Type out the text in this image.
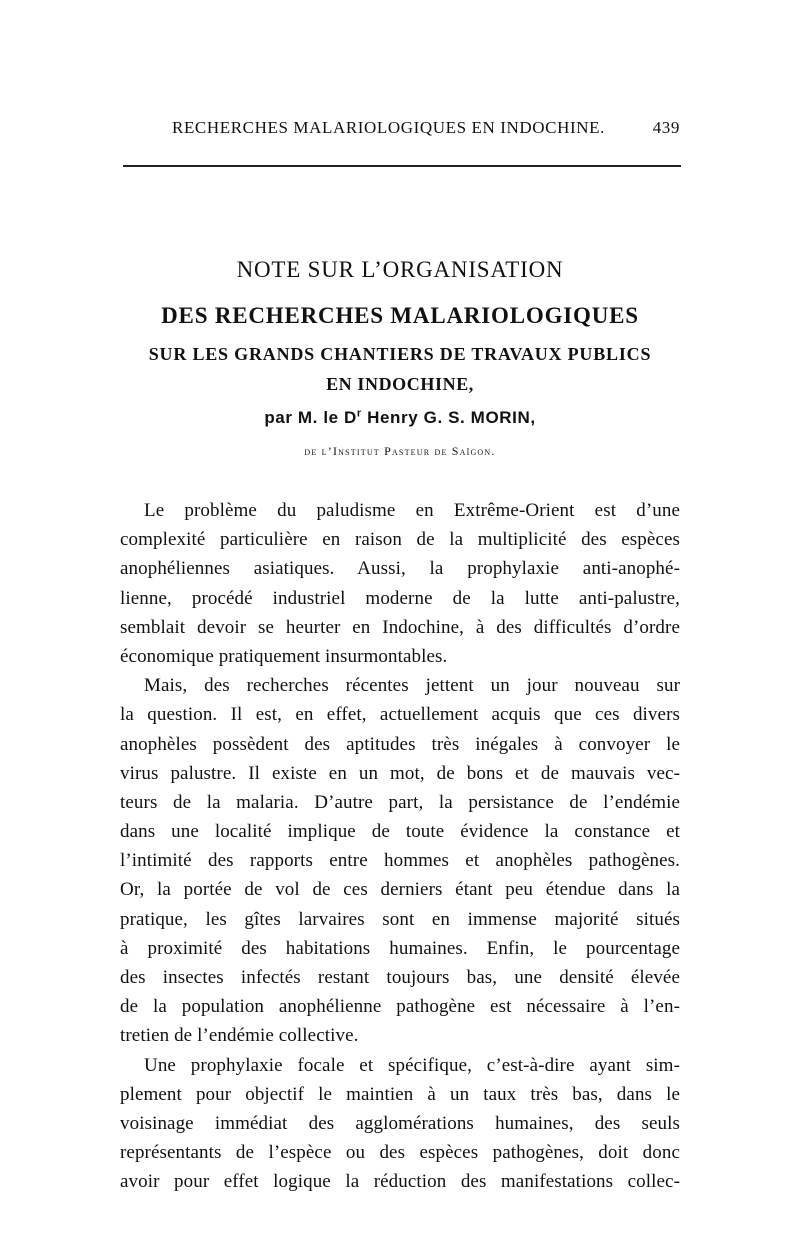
RECHERCHES MALARIOLOGIQUES EN INDOCHINE.	439
NOTE SUR L’ORGANISATION
DES RECHERCHES MALARIOLOGIQUES
SUR LES GRANDS CHANTIERS DE TRAVAUX PUBLICS
EN INDOCHINE,
par M. le $D^r$ Henry G. S. MORIN,
de l’Institut Pasteur de Saïgon.
Le problème du paludisme en Extrême-Orient est d’une
complexité particulière en raison de la multiplicité des espèces
anophéliennes asiatiques. Aussi, la prophylaxie anti-anophé-
lienne, procédé industriel moderne de la lutte anti-palustre,
semblait devoir se heurter en Indochine, à des difficultés d’ordre
économique pratiquement insurmontables.
Mais, des recherches récentes jettent un jour nouveau sur
la question. Il est, en effet, actuellement acquis que ces divers
anophèles possèdent des aptitudes très inégales à convoyer le
virus palustre. Il existe en un mot, de bons et de mauvais vec-
teurs de la malaria. D’autre part, la persistance de l’endémie
dans une localité implique de toute évidence la constance et
l’intimité des rapports entre hommes et anophèles pathogènes.
Or, la portée de vol de ces derniers étant peu étendue dans la
pratique, les gîtes larvaires sont en immense majorité situés
à proximité des habitations humaines. Enfin, le pourcentage
des insectes infectés restant toujours bas, une densité élevée
de la population anophélienne pathogène est nécessaire à l’en-
tretien de l’endémie collective.
Une prophylaxie focale et spécifique, c’est-à-dire ayant sim-
plement pour objectif le maintien à un taux très bas, dans le
voisinage immédiat des agglomérations humaines, des seuls
représentants de l’espèce ou des espèces pathogènes, doit donc
avoir pour effet logique la réduction des manifestations collec-
